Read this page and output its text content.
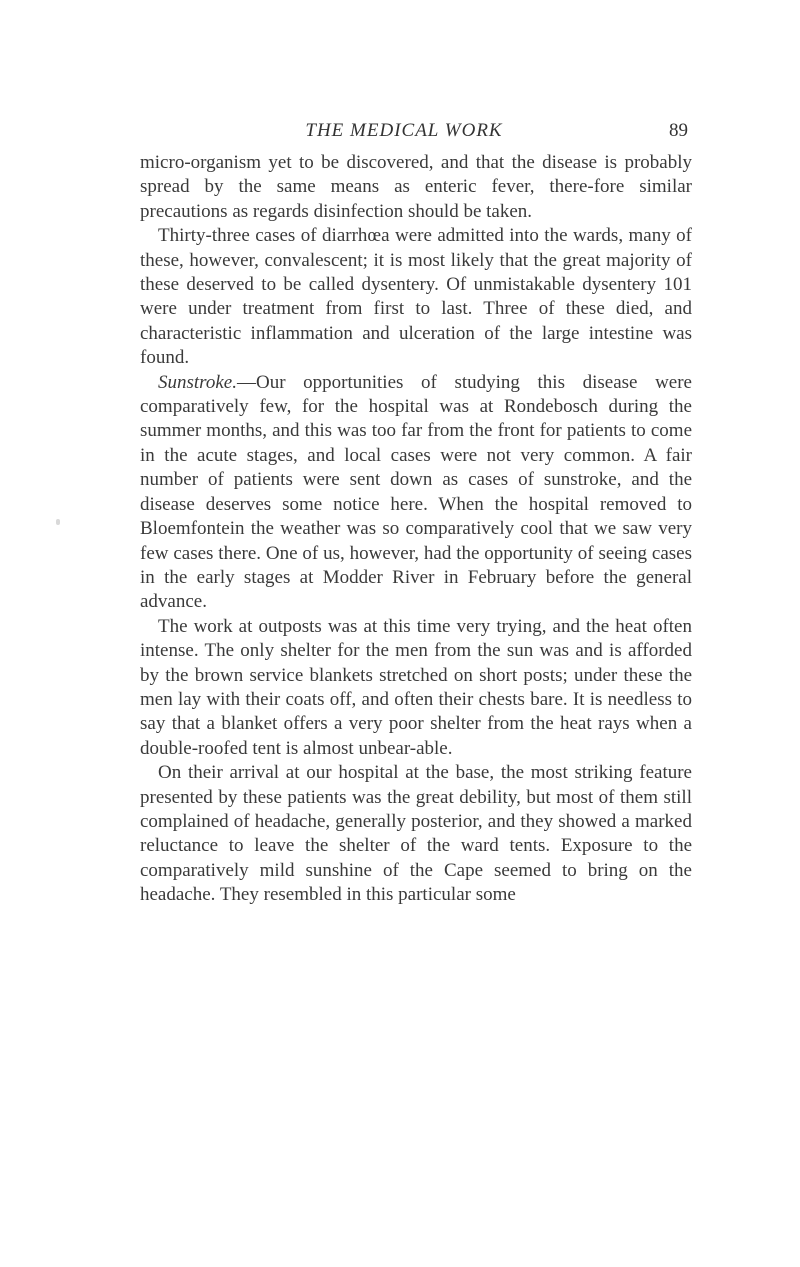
THE MEDICAL WORK	89

micro-organism yet to be discovered, and that the disease is probably spread by the same means as enteric fever, there-fore similar precautions as regards disinfection should be taken.

Thirty-three cases of diarrhœa were admitted into the wards, many of these, however, convalescent; it is most likely that the great majority of these deserved to be called dysentery. Of unmistakable dysentery 101 were under treatment from first to last. Three of these died, and characteristic inflammation and ulceration of the large intestine was found.

Sunstroke.—Our opportunities of studying this disease were comparatively few, for the hospital was at Rondebosch during the summer months, and this was too far from the front for patients to come in the acute stages, and local cases were not very common. A fair number of patients were sent down as cases of sunstroke, and the disease deserves some notice here. When the hospital removed to Bloemfontein the weather was so comparatively cool that we saw very few cases there. One of us, however, had the opportunity of seeing cases in the early stages at Modder River in February before the general advance.

The work at outposts was at this time very trying, and the heat often intense. The only shelter for the men from the sun was and is afforded by the brown service blankets stretched on short posts; under these the men lay with their coats off, and often their chests bare. It is needless to say that a blanket offers a very poor shelter from the heat rays when a double-roofed tent is almost unbear-able.

On their arrival at our hospital at the base, the most striking feature presented by these patients was the great debility, but most of them still complained of headache, generally posterior, and they showed a marked reluctance to leave the shelter of the ward tents. Exposure to the comparatively mild sunshine of the Cape seemed to bring on the headache. They resembled in this particular some
